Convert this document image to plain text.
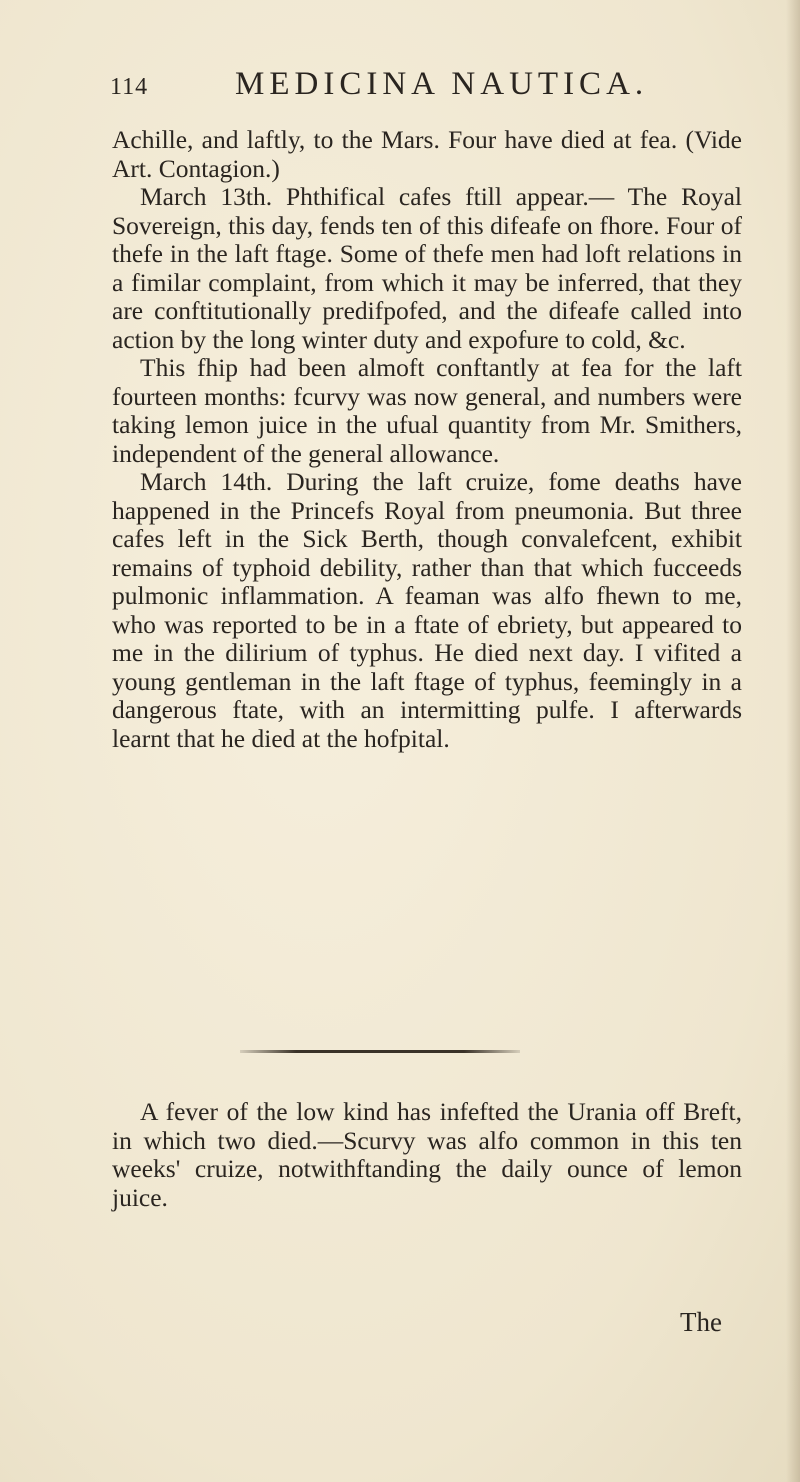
114	MEDICINA NAUTICA.

Achille, and laftly, to the Mars. Four have died at fea. (Vide Art. Contagion.)

March 13th. Phthifical cafes ftill appear.— The Royal Sovereign, this day, fends ten of this difeafe on fhore. Four of thefe in the laft ftage. Some of thefe men had loft relations in a fimilar complaint, from which it may be inferred, that they are conftitutionally predifpofed, and the difeafe called into action by the long winter duty and expofure to cold, &c.

This fhip had been almoft conftantly at fea for the laft fourteen months: fcurvy was now general, and numbers were taking lemon juice in the ufual quantity from Mr. Smithers, independent of the general allowance.

March 14th. During the laft cruize, fome deaths have happened in the Princefs Royal from pneumonia. But three cafes left in the Sick Berth, though convalefcent, exhibit remains of typhoid debility, rather than that which fucceeds pulmonic inflammation. A feaman was alfo fhewn to me, who was reported to be in a ftate of ebriety, but appeared to me in the dilirium of typhus. He died next day. I vifited a young gentleman in the laft ftage of typhus, feemingly in a dangerous ftate, with an intermitting pulfe. I afterwards learnt that he died at the hofpital.

A fever of the low kind has infefted the Urania off Breft, in which two died.—Scurvy was alfo common in this ten weeks' cruize, notwithftanding the daily ounce of lemon juice.

The
